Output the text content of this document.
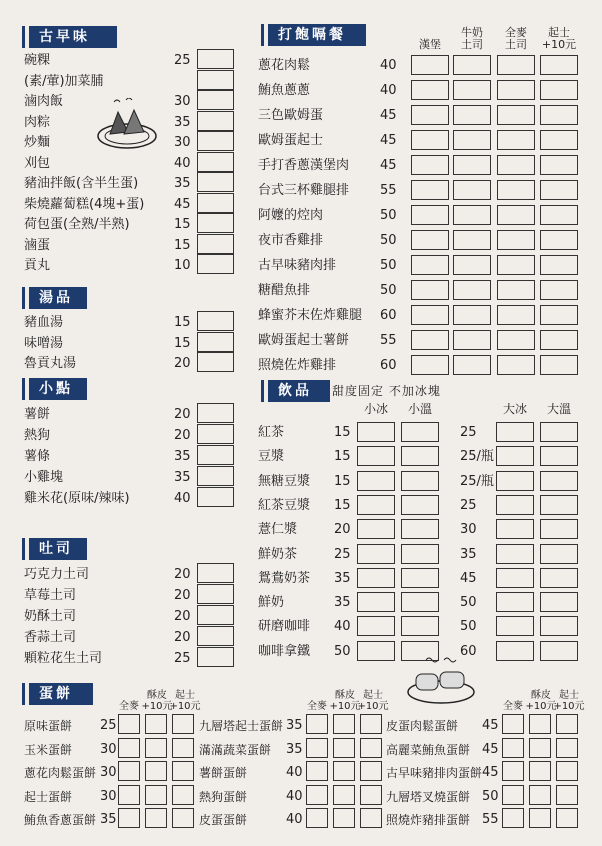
古早味
碗粿	25
(素/葷)加菜脯
滷肉飯	30
肉粽	35
炒麵	30
刈包	40
豬油拌飯(含半生蛋)	35
柴燒蘿蔔糕(4塊+蛋) 45
荷包蛋(全熟/半熟)	15
滷蛋	15
貢丸	10
湯品
豬血湯	15
味噌湯	15
魯貢丸湯	20
小點
薯餅	20
熱狗	20
薯條	35
小雞塊	35
雞米花(原味/辣味)	40
吐司
巧克力土司	20
草莓土司	20
奶酥土司	20
香蒜土司	20
顆粒花生土司	25
打飽嗝餐
漢堡
牛奶
土司
全麥
土司
起士
+10元
蔥花肉鬆	40
鮪魚蔥蔥	40
三色歐姆蛋	45
歐姆蛋起士	45
手打香蔥漢堡肉 45
台式三杯雞腿排 55
阿嬤的焢肉	50
夜市香雞排	50
古早味豬肉排	50
糖醋魚排	50
蜂蜜芥末佐炸雞腿 60
歐姆蛋起士薯餅 55
照燒佐炸雞排	60
飲品	甜度固定 不加冰塊
小冰	小溫	大冰	大溫
紅茶	15	25
豆漿	15	25/瓶
無糖豆漿 15	25/瓶
紅茶豆漿 15	25
薏仁漿	20	30
鮮奶茶	25	35
鴛鴦奶茶 35	45
鮮奶	35	50
研磨咖啡 40	50
咖啡拿鐵 50	60
蛋餅
全麥
酥皮
+10元
起士
+10元
原味蛋餅 25
玉米蛋餅 30
蔥花肉鬆蛋餅 30
起士蛋餅 30
鮪魚香蔥蛋餅 35
全麥
酥皮
+10元
起士
+10元
九層塔起士蛋餅 35
滿滿蔬菜蛋餅 35
薯餅蛋餅	40
熱狗蛋餅	40
皮蛋蛋餅	40
全麥
酥皮
+10元
起士
+10元
皮蛋肉鬆蛋餅 45
高麗菜鮪魚蛋餅 45
古早味豬排肉蛋餅 45
九層塔叉燒蛋餅 50
照燒炸豬排蛋餅 55
